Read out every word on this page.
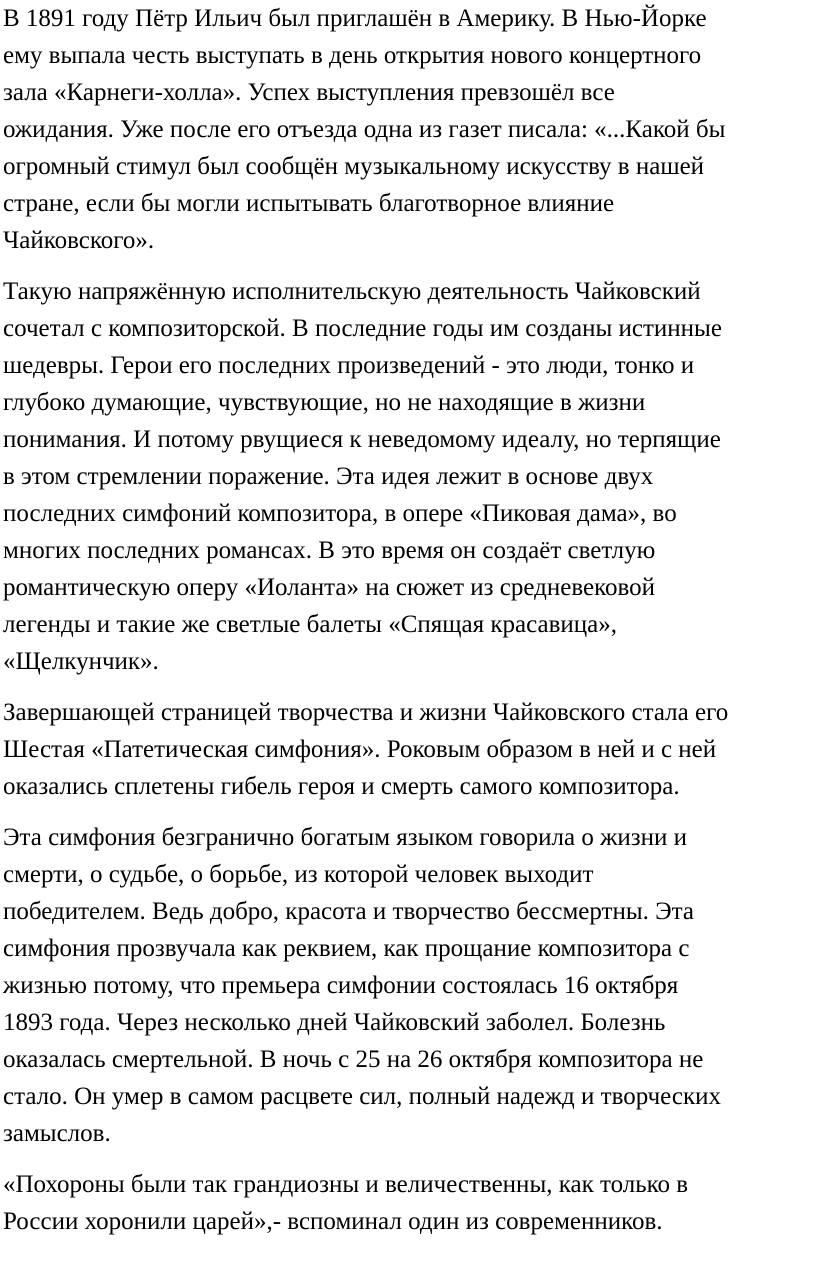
В 1891 году Пётр Ильич был приглашён в Америку. В Нью-Йорке
ему выпала честь выступать в день открытия нового концертного
зала «Карнеги-холла». Успех выступления превзошёл все
ожидания. Уже после его отъезда одна из газет писала: «...Какой бы
огромный стимул был сообщён музыкальному искусству в нашей
стране, если бы могли испытывать благотворное влияние
Чайковского».
Такую напряжённую исполнительскую деятельность Чайковский
сочетал с композиторской. В последние годы им созданы истинные
шедевры. Герои его последних произведений - это люди, тонко и
глубоко думающие, чувствующие, но не находящие в жизни
понимания. И потому рвущиеся к неведомому идеалу, но терпящие
в этом стремлении поражение. Эта идея лежит в основе двух
последних симфоний композитора, в опере «Пиковая дама», во
многих последних романсах. В это время он создаёт светлую
романтическую оперу «Иоланта» на сюжет из средневековой
легенды и такие же светлые балеты «Спящая красавица»,
«Щелкунчик».
Завершающей страницей творчества и жизни Чайковского стала его
Шестая «Патетическая симфония». Роковым образом в ней и с ней
оказались сплетены гибель героя и смерть самого композитора.
Эта симфония безгранично богатым языком говорила о жизни и
смерти, о судьбе, о борьбе, из которой человек выходит
победителем. Ведь добро, красота и творчество бессмертны. Эта
симфония прозвучала как реквием, как прощание композитора с
жизнью потому, что премьера симфонии состоялась 16 октября
1893 года. Через несколько дней Чайковский заболел. Болезнь
оказалась смертельной. В ночь с 25 на 26 октября композитора не
стало. Он умер в самом расцвете сил, полный надежд и творческих
замыслов.
«Похороны были так грандиозны и величественны, как только в
России хоронили царей»,- вспоминал один из современников.
